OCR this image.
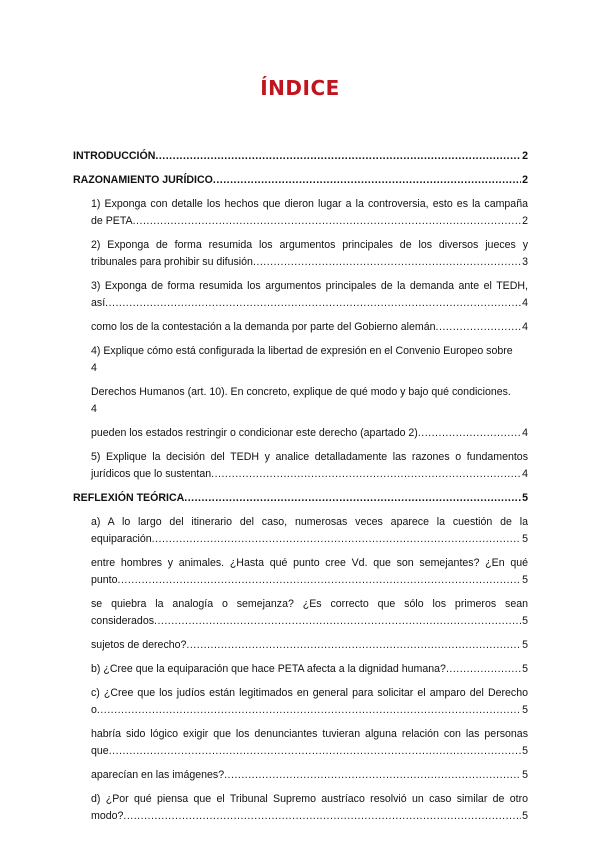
ÍNDICE
INTRODUCCIÓN .....	2
RAZONAMIENTO JURÍDICO .....	2
1) Exponga con detalle los hechos que dieron lugar a la controversia, esto es la campaña
de PETA .....	2
2) Exponga de forma resumida los argumentos principales de los diversos jueces y
tribunales para prohibir su difusión .....	3
3) Exponga de forma resumida los argumentos principales de la demanda ante el TEDH,
así .....	4
como los de la contestación a la demanda por parte del Gobierno alemán .....	4
4) Explique cómo está configurada la libertad de expresión en el Convenio Europeo sobre
4
Derechos Humanos (art. 10). En concreto, explique de qué modo y bajo qué condiciones.
4
pueden los estados restringir o condicionar este derecho (apartado 2) .....	4
5) Explique la decisión del TEDH y analice detalladamente las razones o fundamentos
jurídicos que lo sustentan .....	4
REFLEXIÓN TEÓRICA .....	5
a) A lo largo del itinerario del caso, numerosas veces aparece la cuestión de la
equiparación .....	5
entre hombres y animales. ¿Hasta qué punto cree Vd. que son semejantes? ¿En qué
punto .....	5
se quiebra la analogía o semejanza? ¿Es correcto que sólo los primeros sean
considerados .....	5
sujetos de derecho? .....	5
b) ¿Cree que la equiparación que hace PETA afecta a la dignidad humana? .....	5
c) ¿Cree que los judíos están legitimados en general para solicitar el amparo del Derecho
o .....	5
habría sido lógico exigir que los denunciantes tuvieran alguna relación con las personas
que .....	5
aparecían en las imágenes? .....	5
d) ¿Por qué piensa que el Tribunal Supremo austríaco resolvió un caso similar de otro
modo? .....	5
